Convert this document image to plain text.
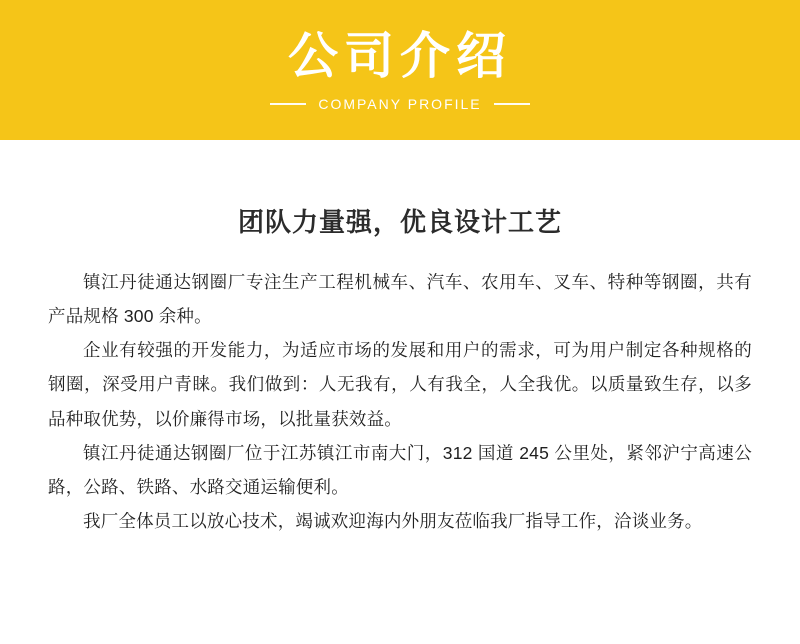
公司介绍
COMPANY PROFILE
团队力量强，优良设计工艺

镇江丹徒通达钢圈厂专注生产工程机械车、汽车、农用车、叉车、特种等钢圈，共有产品规格 300 余种。

企业有较强的开发能力，为适应市场的发展和用户的需求，可为用户制定各种规格的钢圈，深受用户青睐。我们做到：人无我有，人有我全，人全我优。以质量致生存，以多品种取优势，以价廉得市场，以批量获效益。

镇江丹徒通达钢圈厂位于江苏镇江市南大门，312 国道 245 公里处，紧邻沪宁高速公路，公路、铁路、水路交通运输便利。

我厂全体员工以放心技术，竭诚欢迎海内外朋友莅临我厂指导工作，洽谈业务。
